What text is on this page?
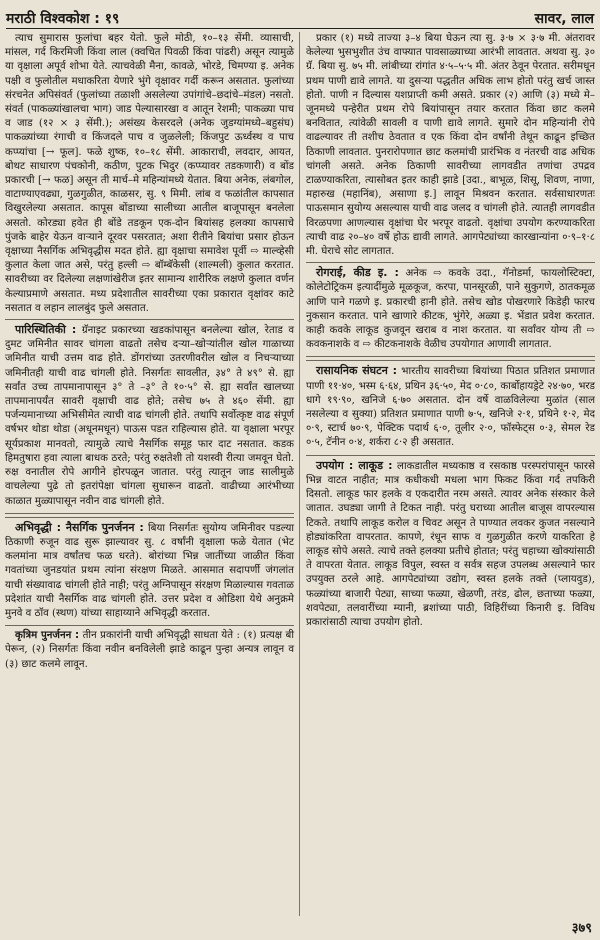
मराठी विश्वकोश : १९	सावर, लाल

त्याच सुमारास फुलांचा बहर येतो. फुले मोठी, १०–१३ सेंमी. व्यासाची, मांसल, गर्द किरमिजी किंवा लाल (क्वचित पिवळी किंवा पांढरी) असून त्यामुळे या वृक्षाला अपूर्व शोभा येते. त्याचवेळी मैना, कावळे, भोरडे, चिमण्या इ. अनेक पक्षी व फुलोतील मधाकरिता येणारे भुंगे वृक्षावर गर्दी करून असतात. फुलांच्या संरचनेत अपिसंवर्त (फुलांच्या तळाशी असलेल्या उपांगांचे–छदांचे–मंडल) नसतो. संवर्त (पाकळ्यांखालचा भाग) जाड पेल्यासारखा व आतून रेशमी; पाकळ्या पाच व जाड (१२ × ३ सेंमी.); असंख्य केसरदले (अनेक जुडग्यांमध्ये–बहुसंघ) पाकळ्यांच्या रंगाची व किंजदले पाच व जुळलेली; किंजपुट ऊर्ध्वस्थ व पाच कप्प्यांचा [→ फूल]. फळे शुष्क, १०–१८ सेंमी. आकाराची, लवदार, आयत, बोथट साधारण पंचकोनी, कठीण, पुटक भिदुर (कप्प्यावर तडकणारी) व बोंड प्रकारची [→ फळ] असून ती मार्च–मे महिन्यांमध्ये येतात. बिया अनेक, लंबगोल, वाटाण्याएवढ्या, गुळगुळीत, काळसर, सु. ९ मिमी. लांब व फळांतील कापसात विखुरलेल्या असतात. कापूस बोंडाच्या सालीच्या आतील बाजूपासून बनलेला असतो. कोरड्या हवेत ही बोंडे तडकून एक-दोन बियांसह हलक्या कापसाचे पुंजके बाहेर येऊन वाऱ्याने दूरवर पसरतात; अशा रीतीने बियांचा प्रसार होऊन वृक्षाच्या नैसर्गिक अभिवृद्धीस मदत होते. ह्या वृक्षाचा समावेश पूर्वी ⇨ माल्व्हेसी कुलात केला जात असे, परंतु हल्ली ⇨ बॉम्बॅकेसी (शाल्मली) कुलात करतात. सावरीच्या वर दिलेल्या लक्षणांखेरीज इतर सामान्य शारीरिक लक्षणे कुलात वर्णन केल्याप्रमाणे असतात. मध्य प्रदेशातील सावरीच्या एका प्रकारात वृक्षांवर काटे नसतात व लहान लालबुंद फुले असतात.

पारिस्थितिकी : ग्रॅनाइट प्रकारच्या खडकांपासून बनलेल्या खोल, रेताड व दुमट जमिनीत सावर चांगला वाढतो तसेच दऱ्या–खोऱ्यांतील खोल गाळाच्या जमिनीत याची उत्तम वाढ होते. डोंगरांच्या उतरणीवरील खोल व निचऱ्याच्या जमिनीतही याची वाढ चांगली होते. निसर्गतः सावलीत, ३४° ते ४९° से. ह्या सर्वांत उच्च तापमानापासून ३° ते –३° ते १०·५° से. ह्या सर्वांत खालच्या तापमानापर्यंत सावरी वृक्षाची वाढ होते; तसेच ७५ ते ४६० सेंमी. ह्या पर्जन्यमानाच्या अभिसीमेत त्याची वाढ चांगली होते. तथापि सर्वोत्कृष्ट वाढ संपूर्ण वर्षभर थोडा थोडा (अधूनमधून) पाऊस पडत राहिल्यास होते. या वृक्षाला भरपूर सूर्यप्रकाश मानवतो, त्यामुळे त्याचे नैसर्गिक समूह फार दाट नसतात. कडक हिमतुषारा हवा त्याला बाधक ठरते; परंतु रुक्षतेशी तो यशस्वी रीत्या जमवून घेतो. रुक्ष वनातील रोपे आगीने होरपळून जातात. परंतु त्यातून जाड सालीमुळे वाचलेल्या पुढे तो इतरांपेक्षा चांगला सुधारून वाढतो. वाढीच्या आरंभीच्या काळात मुळ्यापासून नवीन वाढ चांगली होते.

अभिवृद्धी : नैसर्गिक पुनर्जनन : बिया निसर्गतः सुयोग्य जमिनीवर पडल्या ठिकाणी रुजून वाढ सुरू झाल्यावर सु. ८ वर्षांनी वृक्षाला फळे येतात (भेट कलमांना मात्र वर्षांतच फळ धरते). बोरांच्या भिन्न जातींच्या जाळीत किंवा गवतांच्या जुनडयांत प्रथम त्यांना संरक्षण मिळते. आसमात सदापर्णी जंगलांत याची संख्यावाढ चांगली होते नाही; परंतु अग्निपासून संरक्षण मिळाल्यास गवताळ प्रदेशांत याची नैसर्गिक वाढ चांगली होते. उत्तर प्रदेश व ओडिशा येथे अनुक्रमे मुनवे व ठॉव (स्थण) यांच्या साहाय्याने अभिवृद्धी करतात.

कृत्रिम पुनर्जनन : तीन प्रकारांनी याची अभिवृद्धी साधता येते : (१) प्रत्यक्ष बी पेरून, (२) निसर्गतः किंवा नवीन बनविलेली झाडे काढून पुन्हा अन्यत्र लावून व (३) छाट कलमे लावून.

प्रकार (१) मध्ये ताज्या ३–४ बिया घेऊन त्या सु. ३·७ × ३·७ मी. अंतरावर केलेल्या भुसभुशीत उंच वाफ्यात पावसाळ्याच्या आरंभी लावतात. अथवा सु. ३० ग्रॅ. बिया सु. ७५ मी. लांबीच्या रांगांत ४·५–५·५ मी. अंतर ठेवून पेरतात. सरीमधून प्रथम पाणी द्यावे लागते. या दुसऱ्या पद्धतीत अधिक लाभ होतो परंतु खर्च जास्त होतो. पाणी न दिल्यास यशप्राप्ती कमी असते. प्रकार (२) आणि (३) मध्ये मे–जूनमध्ये पन्हेरीत प्रथम रोपे बियांपासून तयार करतात किंवा छाट कलमे बनवितात, त्यांवेळी सावली व पाणी द्यावे लागते. सुमारे दोन महिन्यांनी रोपे वाढल्यावर ती तशीच ठेवतात व एक किंवा दोन वर्षांनी तेथून काढून इच्छित ठिकाणी लावतात. पुनरारोपणात छाट कलमांची प्रारंभिक व नंतरची वाढ अधिक चांगली असते. अनेक ठिकाणी सावरीच्या लागवडीत तणांचा उपद्रव टाळण्याकरिता, त्यासोबत इतर काही झाडे [उदा., बाभूळ, शिसू, शिवण, नाणा, महारुख (महानिंब), असाणा इ.] लावून मिश्रवन करतात. सर्वसाधारणतः पाऊसमान सुयोग्य असल्यास याची वाढ जलद व चांगली होते. त्यातही लागवडीत विरळपणा आणल्यास वृक्षांचा घेर भरपूर वाढतो. वृक्षांचा उपयोग करण्याकरिता त्याची वाढ २०–४० वर्षे होऊ द्यावी लागते. आगपेट्यांच्या कारखान्यांना ०·९–१·८ मी. घेराचे सोट लागतात.

रोगराई, कीड इ. : अनेक ⇨ कवके उदा., गॅनोडर्मा, फायलोस्टिक्टा, कोलेटोट्रिकम इत्यादींमुळे मूळकूज, करपा, पानसूरळी, पाने सुकुगणे, ठातकमूळ आणि पाने गळणे इ. प्रकारची हानी होते. तसेच खोड पोखरणारे किडेही फारच नुकसान करतात. पाने खाणारे कीटक, भुंगेरे, अळ्या इ. भेंडात प्रवेश करतात. काही कवके लाकूड कुजवून खराब व नाश करतात. या सर्वांवर योग्य ती ⇨ कवकनाशके व ⇨ कीटकनाशके वेळीच उपयोगात आणावी लागतात.

रासायनिक संघटन : भारतीय सावरीच्या बियांच्या पिठात प्रतिशत प्रमाणात पाणी ११·४०, भस्म ६·६४, प्रथिन ३६·५०, मेद ०·८०, कार्बोहायड्रेटे २४·७०, भरड धागे १९·९०, खनिजे ६·७० असतात. दोन वर्षे वाळविलेल्या मुळांत (साल नसलेल्या व सुक्या) प्रतिशत प्रमाणात पाणी ७·५, खनिजे २·१, प्रथिने १·२, मेद ०·९, स्टार्च ७०·९, पेक्टिक पदार्थ ६·०, तूलीर २·०, फॉस्फेट्स ०·३, सेमल रेड ०·५, टॅनीन ०·४, शर्करा ८·२ ही असतात.

उपयोग : लाकूड : लाकडातील मध्यकाष्ठ व रसकाष्ठ परस्परांपासून फारसे भिन्न वाटत नाहीत; मात्र कधीकधी मधला भाग फिकट किंवा गर्द तपकिरी दिसतो. लाकूड फार हलके व एकदारीत नरम असते. त्यावर अनेक संस्कार केले जातात. उघड्या जागी ते टिकत नाही. परंतु घराच्या आतील बाजूस वापरल्यास टिकते. तथापि लाकूड करोल व चिवट असून ते पाण्यात लवकर कुजत नसल्याने होड्यांकरिता वापरतात. कापणे, रंधून साफ व गुळगुळीत करणे याकरिता हे लाकूड सोपे असते. त्याचे तक्ते हलक्या प्रतीचे होतात; परंतु चहाच्या खोक्यांसाठी ते वापरता येतात. लाकूड विपुल, स्वस्त व सर्वत्र सहज उपलब्ध असल्याने फार उपयुक्त ठरले आहे. आगपेट्यांच्या उद्योग, स्वस्त हलके तक्ते (प्लायवुड), फळ्यांच्या बाजारी पेट्या, साच्या फळ्या, खेळणी, तरंड, ढोल, छताच्या फळ्या, शवपेट्या, तलवारींच्या म्यानी, ब्रशांच्या पाठी, विहिरींच्या किनारी इ. विविध प्रकारांसाठी त्याचा उपयोग होतो.

३७९
